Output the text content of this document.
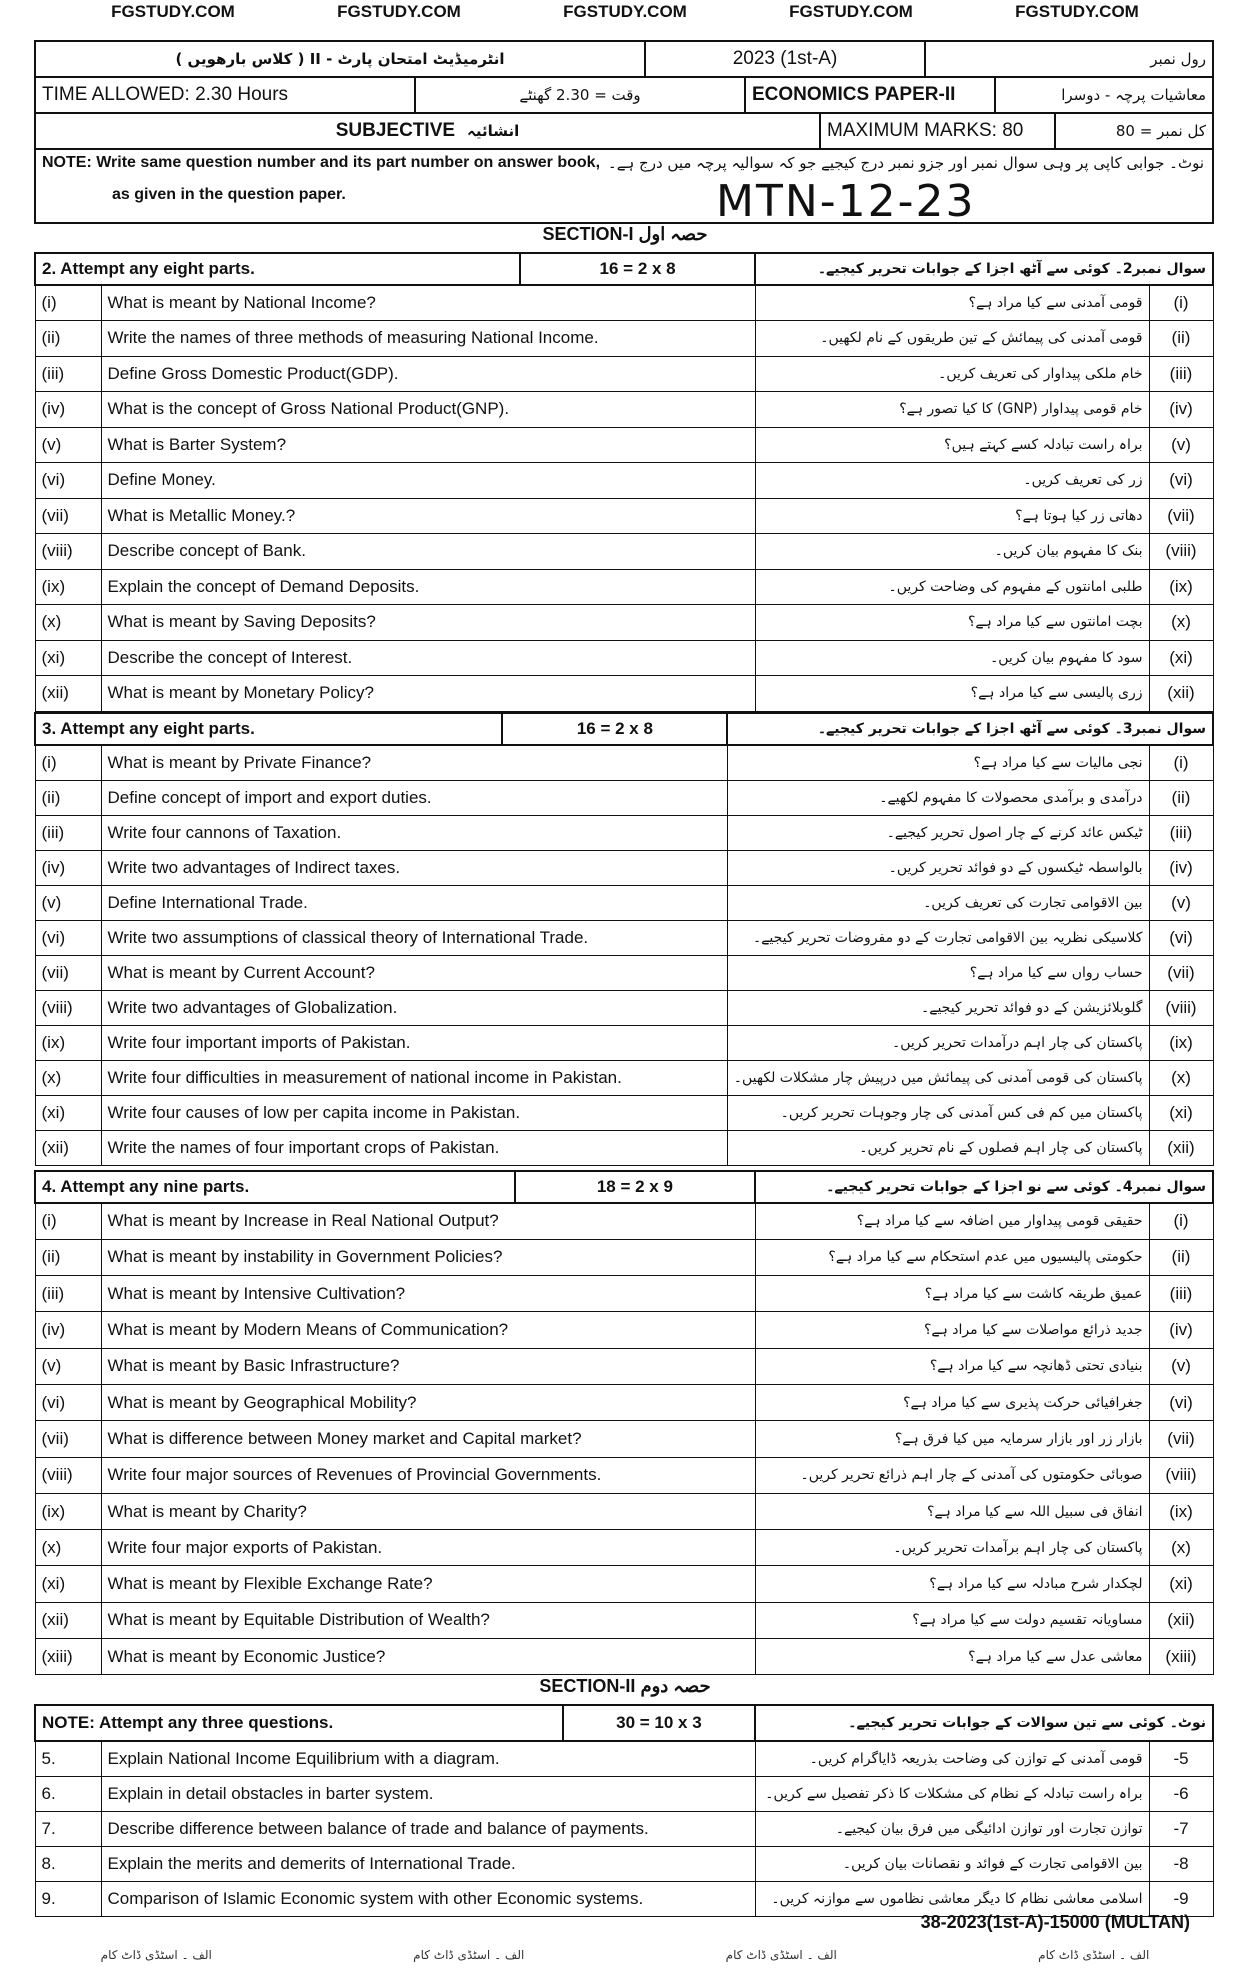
FGSTUDY.COM	FGSTUDY.COM	FGSTUDY.COM	FGSTUDY.COM	FGSTUDY.COM
انٹرمیڈیٹ امتحان پارٹ - II ( کلاس بارھویں )	2023 (1st-A)	رول نمبر
TIME ALLOWED: 2.30 Hours	وقت = 2.30 گھنٹے	ECONOMICS PAPER-II	معاشیات پرچہ - دوسرا
SUBJECTIVE انشائیہ	MAXIMUM MARKS: 80	کل نمبر = 80
NOTE: Write same question number and its part number on answer book,
as given in the question paper.
نوٹ۔ جوابی کاپی پر وہی سوال نمبر اور جزو نمبر درج کیجیے جو کہ سوالیہ پرچہ میں درج ہے۔
MTN-12-23
SECTION-I حصہ اول
2. Attempt any eight parts.		16 = 2 x 8	سوال نمبر2۔ کوئی سے آٹھ اجزا کے جوابات تحریر کیجیے۔	
(i)	What is meant by National Income?		قومی آمدنی سے کیا مراد ہے؟	(i)
(ii)	Write the names of three methods of measuring National Income.		قومی آمدنی کی پیمائش کے تین طریقوں کے نام لکھیں۔	(ii)
(iii)	Define Gross Domestic Product(GDP).		خام ملکی پیداوار کی تعریف کریں۔	(iii)
(iv)	What is the concept of Gross National Product(GNP).		خام قومی پیداوار (GNP) کا کیا تصور ہے؟	(iv)
(v)	What is Barter System?		براہ راست تبادلہ کسے کہتے ہیں؟	(v)
(vi)	Define Money.		زر کی تعریف کریں۔	(vi)
(vii)	What is Metallic Money.?		دھاتی زر کیا ہوتا ہے؟	(vii)
(viii)	Describe concept of Bank.		بنک کا مفہوم بیان کریں۔	(viii)
(ix)	Explain the concept of Demand Deposits.		طلبی امانتوں کے مفہوم کی وضاحت کریں۔	(ix)
(x)	What is meant by Saving Deposits?		بچت امانتوں سے کیا مراد ہے؟	(x)
(xi)	Describe the concept of Interest.		سود کا مفہوم بیان کریں۔	(xi)
(xii)	What is meant by Monetary Policy?		زری پالیسی سے کیا مراد ہے؟	(xii)
3. Attempt any eight parts.		16 = 2 x 8	سوال نمبر3۔ کوئی سے آٹھ اجزا کے جوابات تحریر کیجیے۔	
(i)	What is meant by Private Finance?		نجی مالیات سے کیا مراد ہے؟	(i)
(ii)	Define concept of import and export duties.		درآمدی و برآمدی محصولات کا مفہوم لکھیے۔	(ii)
(iii)	Write four cannons of Taxation.		ٹیکس عائد کرنے کے چار اصول تحریر کیجیے۔	(iii)
(iv)	Write two advantages of Indirect taxes.		بالواسطہ ٹیکسوں کے دو فوائد تحریر کریں۔	(iv)
(v)	Define International Trade.		بین الاقوامی تجارت کی تعریف کریں۔	(v)
(vi)	Write two assumptions of classical theory of International Trade.		کلاسیکی نظریہ بین الاقوامی تجارت کے دو مفروضات تحریر کیجیے۔	(vi)
(vii)	What is meant by Current Account?		حساب رواں سے کیا مراد ہے؟	(vii)
(viii)	Write two advantages of Globalization.		گلوبلائزیشن کے دو فوائد تحریر کیجیے۔	(viii)
(ix)	Write four important imports of Pakistan.		پاکستان کی چار اہم درآمدات تحریر کریں۔	(ix)
(x)	Write four difficulties in measurement of national income in Pakistan.		پاکستان کی قومی آمدنی کی پیمائش میں درپیش چار مشکلات لکھیں۔	(x)
(xi)	Write four causes of low per capita income in Pakistan.		پاکستان میں کم فی کس آمدنی کی چار وجوہات تحریر کریں۔	(xi)
(xii)	Write the names of four important crops of Pakistan.		پاکستان کی چار اہم فصلوں کے نام تحریر کریں۔	(xii)
4. Attempt any nine parts.		18 = 2 x 9	سوال نمبر4۔ کوئی سے نو اجزا کے جوابات تحریر کیجیے۔	
(i)	What is meant by Increase in Real National Output?		حقیقی قومی پیداوار میں اضافہ سے کیا مراد ہے؟	(i)
(ii)	What is meant by instability in Government Policies?		حکومتی پالیسیوں میں عدم استحکام سے کیا مراد ہے؟	(ii)
(iii)	What is meant by Intensive Cultivation?		عمیق طریقہ کاشت سے کیا مراد ہے؟	(iii)
(iv)	What is meant by Modern Means of Communication?		جدید ذرائع مواصلات سے کیا مراد ہے؟	(iv)
(v)	What is meant by Basic Infrastructure?		بنیادی تحتی ڈھانچہ سے کیا مراد ہے؟	(v)
(vi)	What is meant by Geographical Mobility?		جغرافیائی حرکت پذیری سے کیا مراد ہے؟	(vi)
(vii)	What is difference between Money market and Capital market?		بازار زر اور بازار سرمایہ میں کیا فرق ہے؟	(vii)
(viii)	Write four major sources of Revenues of Provincial Governments.		صوبائی حکومتوں کی آمدنی کے چار اہم ذرائع تحریر کریں۔	(viii)
(ix)	What is meant by Charity?		انفاق فی سبیل اللہ سے کیا مراد ہے؟	(ix)
(x)	Write four major exports of Pakistan.		پاکستان کی چار اہم برآمدات تحریر کریں۔	(x)
(xi)	What is meant by Flexible Exchange Rate?		لچکدار شرح مبادلہ سے کیا مراد ہے؟	(xi)
(xii)	What is meant by Equitable Distribution of Wealth?		مساویانہ تقسیم دولت سے کیا مراد ہے؟	(xii)
(xiii)	What is meant by Economic Justice?		معاشی عدل سے کیا مراد ہے؟	(xiii)
SECTION-II حصہ دوم
NOTE: Attempt any three questions.		30 = 10 x 3	نوٹ۔ کوئی سے تین سوالات کے جوابات تحریر کیجیے۔	
5.	Explain National Income Equilibrium with a diagram.		قومی آمدنی کے توازن کی وضاحت بذریعہ ڈایاگرام کریں۔	-5
6.	Explain in detail obstacles in barter system.		براہ راست تبادلہ کے نظام کی مشکلات کا ذکر تفصیل سے کریں۔	-6
7.	Describe difference between balance of trade and balance of payments.		توازن تجارت اور توازن ادائیگی میں فرق بیان کیجیے۔	-7
8.	Explain the merits and demerits of International Trade.		بین الاقوامی تجارت کے فوائد و نقصانات بیان کریں۔	-8
9.	Comparison of Islamic Economic system with other Economic systems.		اسلامی معاشی نظام کا دیگر معاشی نظاموں سے موازنہ کریں۔	-9
38-2023(1st-A)-15000 (MULTAN)
الف ۔ اسٹڈی ڈاٹ کام
الف ۔ اسٹڈی ڈاٹ کام
الف ۔ اسٹڈی ڈاٹ کام
الف ۔ اسٹڈی ڈاٹ کام
